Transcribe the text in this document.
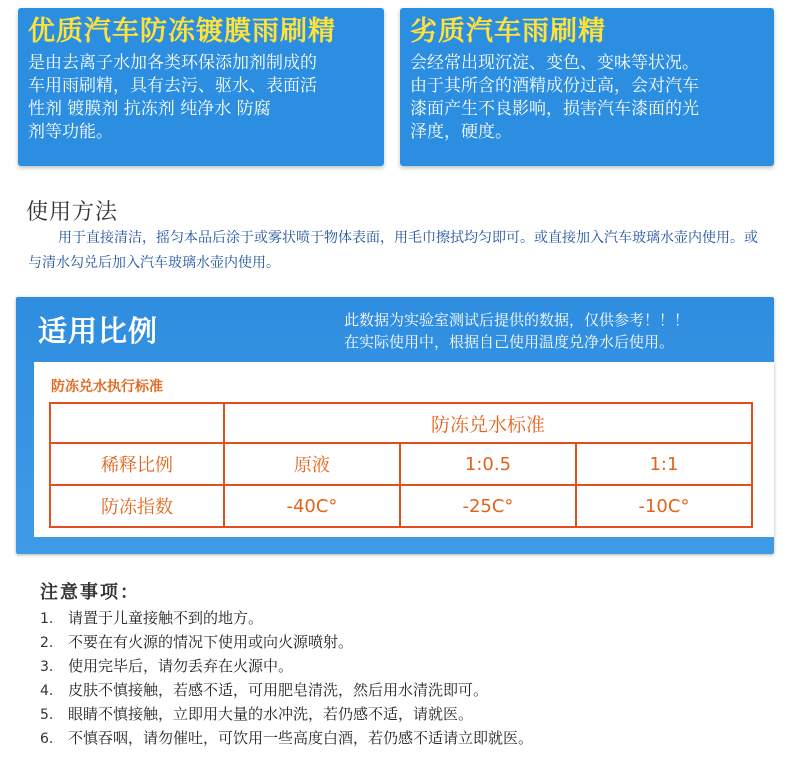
优质汽车防冻镀膜雨刷精
是由去离子水加各类环保添加剂制成的
车用雨刷精，具有去污、驱水、表面活
性剂 镀膜剂 抗冻剂 纯净水 防腐
剂等功能。
劣质汽车雨刷精
会经常出现沉淀、变色、变味等状况。
由于其所含的酒精成份过高，会对汽车
漆面产生不良影响，损害汽车漆面的光
泽度，硬度。
使用方法
用于直接清洁，摇匀本品后涂于或雾状喷于物体表面，用毛巾擦拭均匀即可。或直接加入汽车玻璃水壶内使用。或与清水勾兑后加入汽车玻璃水壶内使用。
适用比例	此数据为实验室测试后提供的数据，仅供参考！！！
在实际使用中，根据自己使用温度兑净水后使用。
防冻兑水执行标准
	防冻兑水标准		
稀释比例	原液	1:0.5	1:1
防冻指数	-40C°	-25C°	-10C°
注意事项：
1. 请置于儿童接触不到的地方。
2. 不要在有火源的情况下使用或向火源喷射。
3. 使用完毕后，请勿丢弃在火源中。
4. 皮肤不慎接触，若感不适，可用肥皂清洗，然后用水清洗即可。
5. 眼睛不慎接触，立即用大量的水冲洗，若仍感不适，请就医。
6. 不慎吞咽，请勿催吐，可饮用一些高度白酒，若仍感不适请立即就医。
